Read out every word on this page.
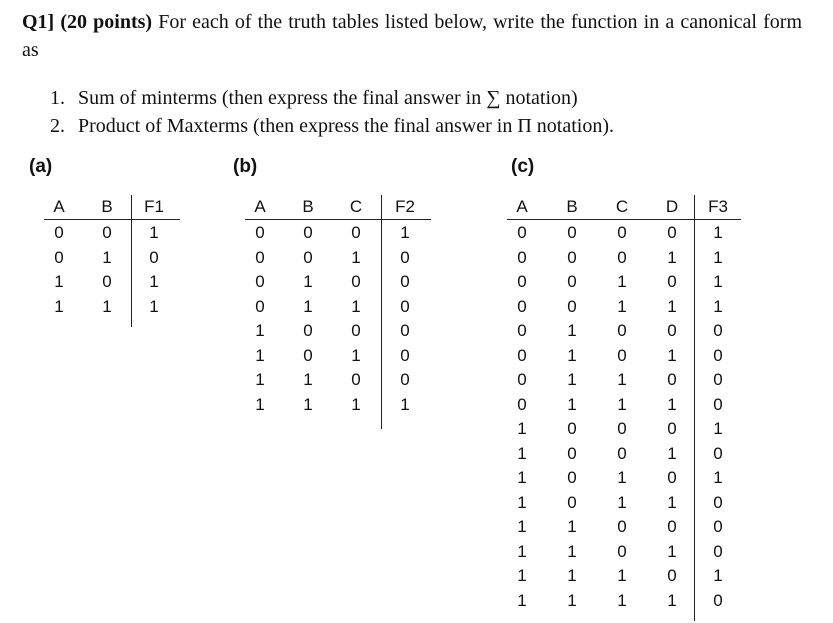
Q1] (20 points) For each of the truth tables listed below, write the function in a canonical form as
1. Sum of minterms (then express the final answer in ∑ notation)
2. Product of Maxterms (then express the final answer in Π notation).
(a)	(b)	(c)
A	B	F1
0	0	1
0	1	0
1	0	1
1	1	1
A	B	C	F2
0	0	0	1
0	0	1	0
0	1	0	0
0	1	1	0
1	0	0	0
1	0	1	0
1	1	0	0
1	1	1	1
A	B	C	D	F3
0	0	0	0	1
0	0	0	1	1
0	0	1	0	1
0	0	1	1	1
0	1	0	0	0
0	1	0	1	0
0	1	1	0	0
0	1	1	1	0
1	0	0	0	1
1	0	0	1	0
1	0	1	0	1
1	0	1	1	0
1	1	0	0	0
1	1	0	1	0
1	1	1	0	1
1	1	1	1	0
